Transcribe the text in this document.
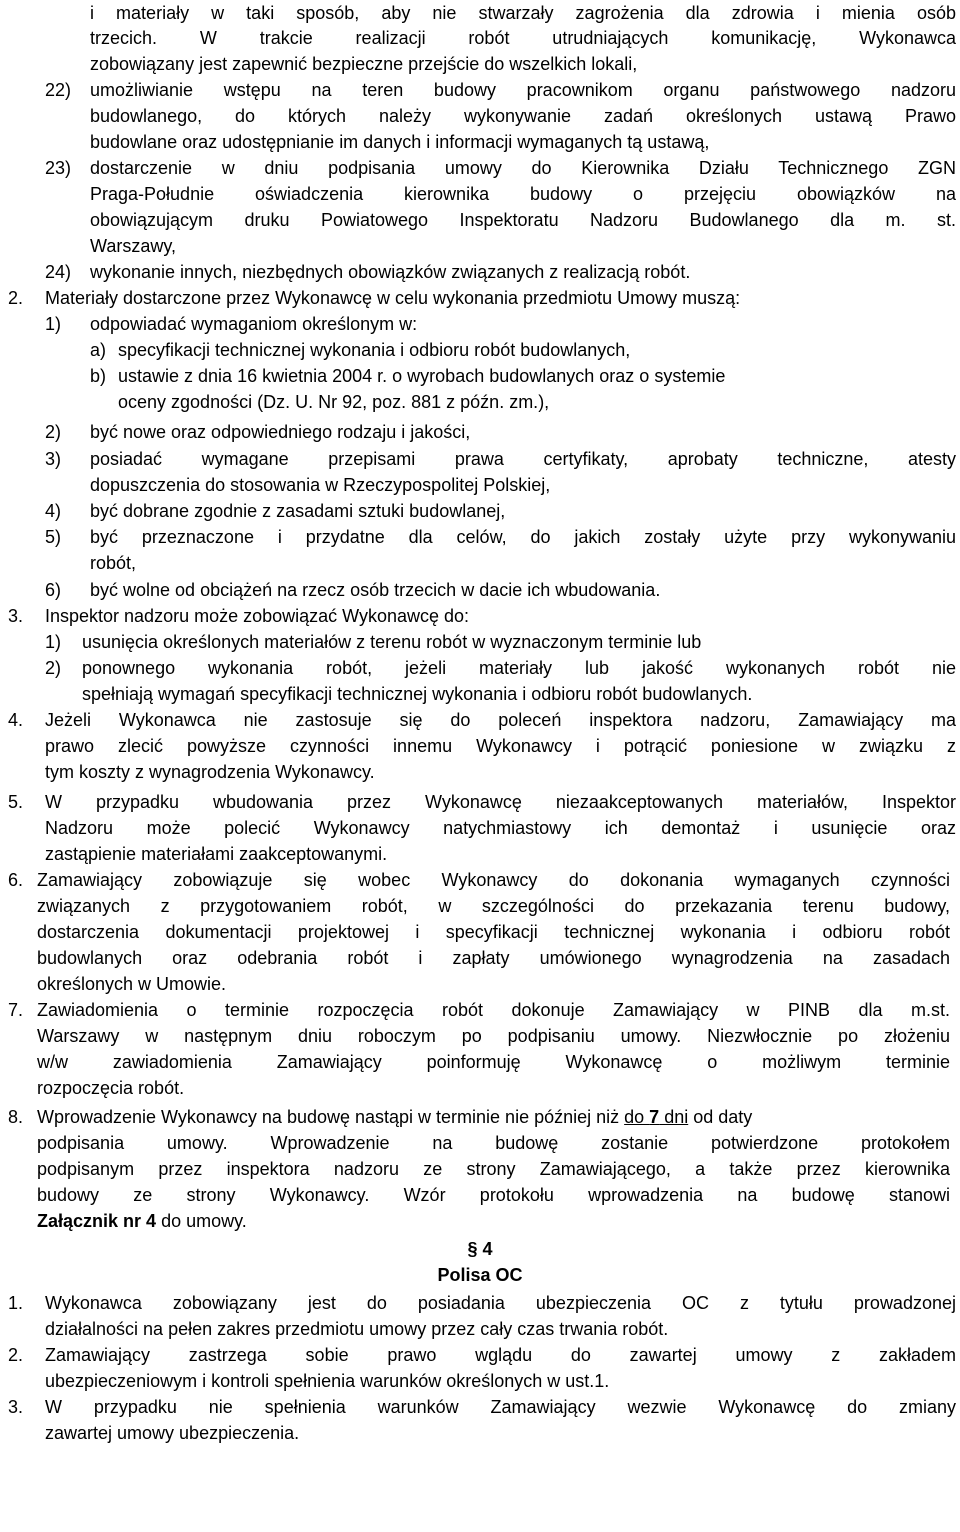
i materiały w taki sposób, aby nie stwarzały zagrożenia dla zdrowia i mienia osób
trzecich. W trakcie realizacji robót utrudniających komunikację, Wykonawca
zobowiązany jest zapewnić bezpieczne przejście do wszelkich lokali,
22) umożliwianie wstępu na teren budowy pracownikom organu państwowego nadzoru
budowlanego, do których należy wykonywanie zadań określonych ustawą Prawo
budowlane oraz udostępnianie im danych i informacji wymaganych tą ustawą,
23) dostarczenie w dniu podpisania umowy do Kierownika Działu Technicznego ZGN
Praga-Południe oświadczenia kierownika budowy o przejęciu obowiązków na
obowiązującym druku Powiatowego Inspektoratu Nadzoru Budowlanego dla m. st.
Warszawy,
24) wykonanie innych, niezbędnych obowiązków związanych z realizacją robót.
2. Materiały dostarczone przez Wykonawcę w celu wykonania przedmiotu Umowy muszą:
1) odpowiadać wymaganiom określonym w:
a) specyfikacji technicznej wykonania i odbioru robót budowlanych,
b) ustawie z dnia 16 kwietnia 2004 r. o wyrobach budowlanych oraz o systemie
oceny zgodności (Dz. U. Nr 92, poz. 881 z późn. zm.),
2) być nowe oraz odpowiedniego rodzaju i jakości,
3) posiadać wymagane przepisami prawa certyfikaty, aprobaty techniczne, atesty
dopuszczenia do stosowania w Rzeczypospolitej Polskiej,
4) być dobrane zgodnie z zasadami sztuki budowlanej,
5) być przeznaczone i przydatne dla celów, do jakich zostały użyte przy wykonywaniu
robót,
6) być wolne od obciążeń na rzecz osób trzecich w dacie ich wbudowania.
3. Inspektor nadzoru może zobowiązać Wykonawcę do:
1) usunięcia określonych materiałów z terenu robót w wyznaczonym terminie lub
2) ponownego wykonania robót, jeżeli materiały lub jakość wykonanych robót nie
spełniają wymagań specyfikacji technicznej wykonania i odbioru robót budowlanych.
4. Jeżeli Wykonawca nie zastosuje się do poleceń inspektora nadzoru, Zamawiający ma
prawo zlecić powyższe czynności innemu Wykonawcy i potrącić poniesione w związku z
tym koszty z wynagrodzenia Wykonawcy.
5. W przypadku wbudowania przez Wykonawcę niezaakceptowanych materiałów, Inspektor
Nadzoru może polecić Wykonawcy natychmiastowy ich demontaż i usunięcie oraz
zastąpienie materiałami zaakceptowanymi.
6. Zamawiający zobowiązuje się wobec Wykonawcy do dokonania wymaganych czynności
związanych z przygotowaniem robót, w szczególności do przekazania terenu budowy,
dostarczenia dokumentacji projektowej i specyfikacji technicznej wykonania i odbioru robót
budowlanych oraz odebrania robót i zapłaty umówionego wynagrodzenia na zasadach
określonych w Umowie.
7. Zawiadomienia o terminie rozpoczęcia robót dokonuje Zamawiający w PINB dla m.st.
Warszawy w następnym dniu roboczym po podpisaniu umowy. Niezwłocznie po złożeniu
w/w zawiadomienia Zamawiający poinformuję Wykonawcę o możliwym terminie
rozpoczęcia robót.
8. Wprowadzenie Wykonawcy na budowę nastąpi w terminie nie później niż do 7 dni od daty
podpisania umowy. Wprowadzenie na budowę zostanie potwierdzone protokołem
podpisanym przez inspektora nadzoru ze strony Zamawiającego, a także przez kierownika
budowy ze strony Wykonawcy. Wzór protokołu wprowadzenia na budowę stanowi
Załącznik nr 4 do umowy.
§ 4
Polisa OC
1. Wykonawca zobowiązany jest do posiadania ubezpieczenia OC z tytułu prowadzonej
działalności na pełen zakres przedmiotu umowy przez cały czas trwania robót.
2. Zamawiający zastrzega sobie prawo wglądu do zawartej umowy z zakładem
ubezpieczeniowym i kontroli spełnienia warunków określonych w ust.1.
3. W przypadku nie spełnienia warunków Zamawiający wezwie Wykonawcę do zmiany
zawartej umowy ubezpieczenia.
